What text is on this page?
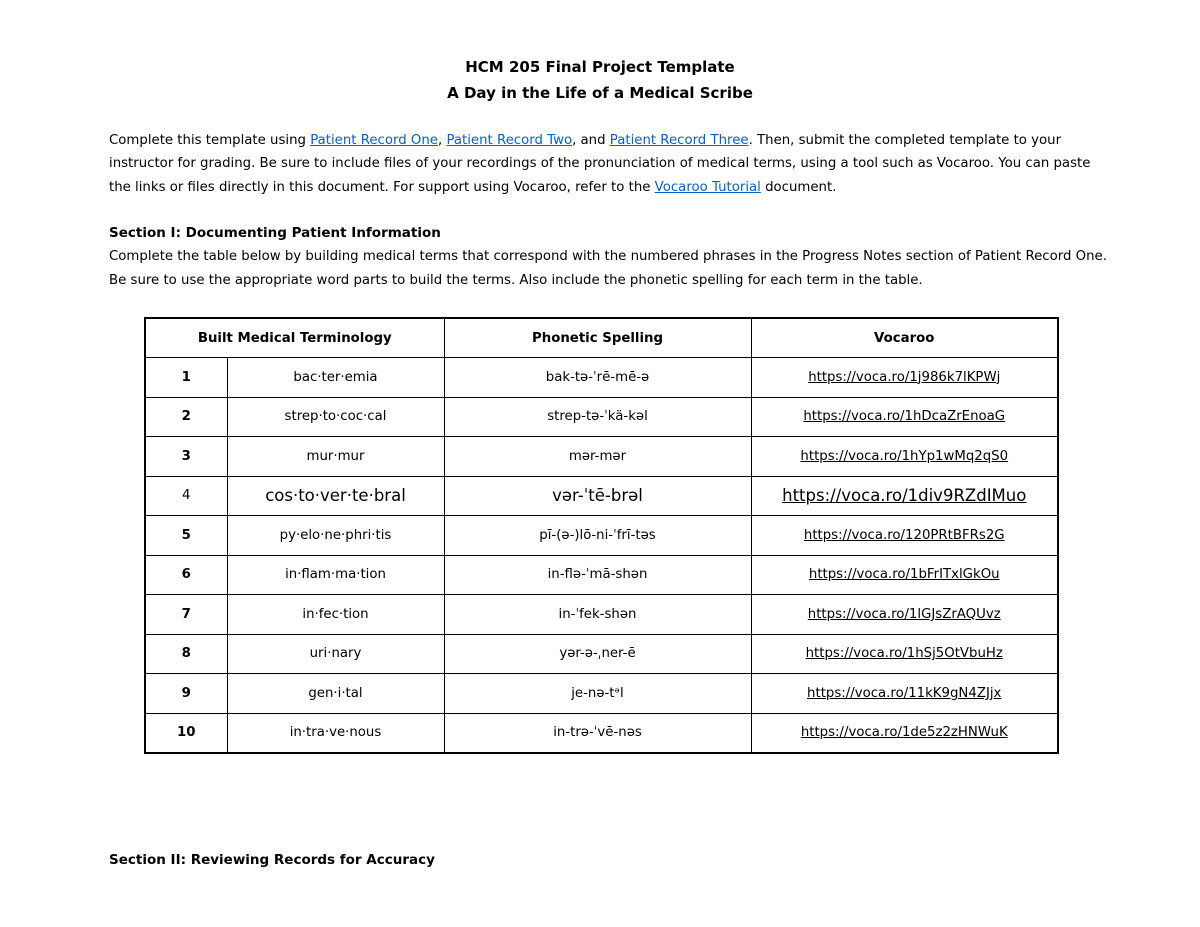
HCM 205 Final Project Template
A Day in the Life of a Medical Scribe
Complete this template using Patient Record One, Patient Record Two, and Patient Record Three. Then, submit the completed template to your instructor for grading. Be sure to include files of your recordings of the pronunciation of medical terms, using a tool such as Vocaroo. You can paste the links or files directly in this document. For support using Vocaroo, refer to the Vocaroo Tutorial document.
Section I: Documenting Patient Information
Complete the table below by building medical terms that correspond with the numbered phrases in the Progress Notes section of Patient Record One. Be sure to use the appropriate word parts to build the terms. Also include the phonetic spelling for each term in the table.
Built Medical Terminology		Phonetic Spelling	Vocaroo
1	bac·ter·emia	bak-tə-ˈrē-mē-ə	https://voca.ro/1j986k7lKPWj
2	strep·to·coc·cal	strep-tə-ˈkä-kəl	https://voca.ro/1hDcaZrEnoaG
3	mur·mur	mər-mər	https://voca.ro/1hYp1wMq2qS0
4	cos·to·ver·te·bral	vər-ˈtē-brəl	https://voca.ro/1div9RZdIMuo
5	py·elo·ne·phri·tis	pī-(ə-)lō-ni-ˈfrī-təs	https://voca.ro/120PRtBFRs2G
6	in·flam·ma·tion	in-flə-ˈmā-shən	https://voca.ro/1bFrITxlGkOu
7	in·fec·tion	in-ˈfek-shən	https://voca.ro/1lGJsZrAQUvz
8	uri·nary	yər-ə-ˌner-ē	https://voca.ro/1hSj5OtVbuHz
9	gen·i·tal	je-nə-tᵊl	https://voca.ro/11kK9gN4ZJjx
10	in·tra·ve·nous	in-trə-ˈvē-nəs	https://voca.ro/1de5z2zHNWuK
Section II: Reviewing Records for Accuracy
